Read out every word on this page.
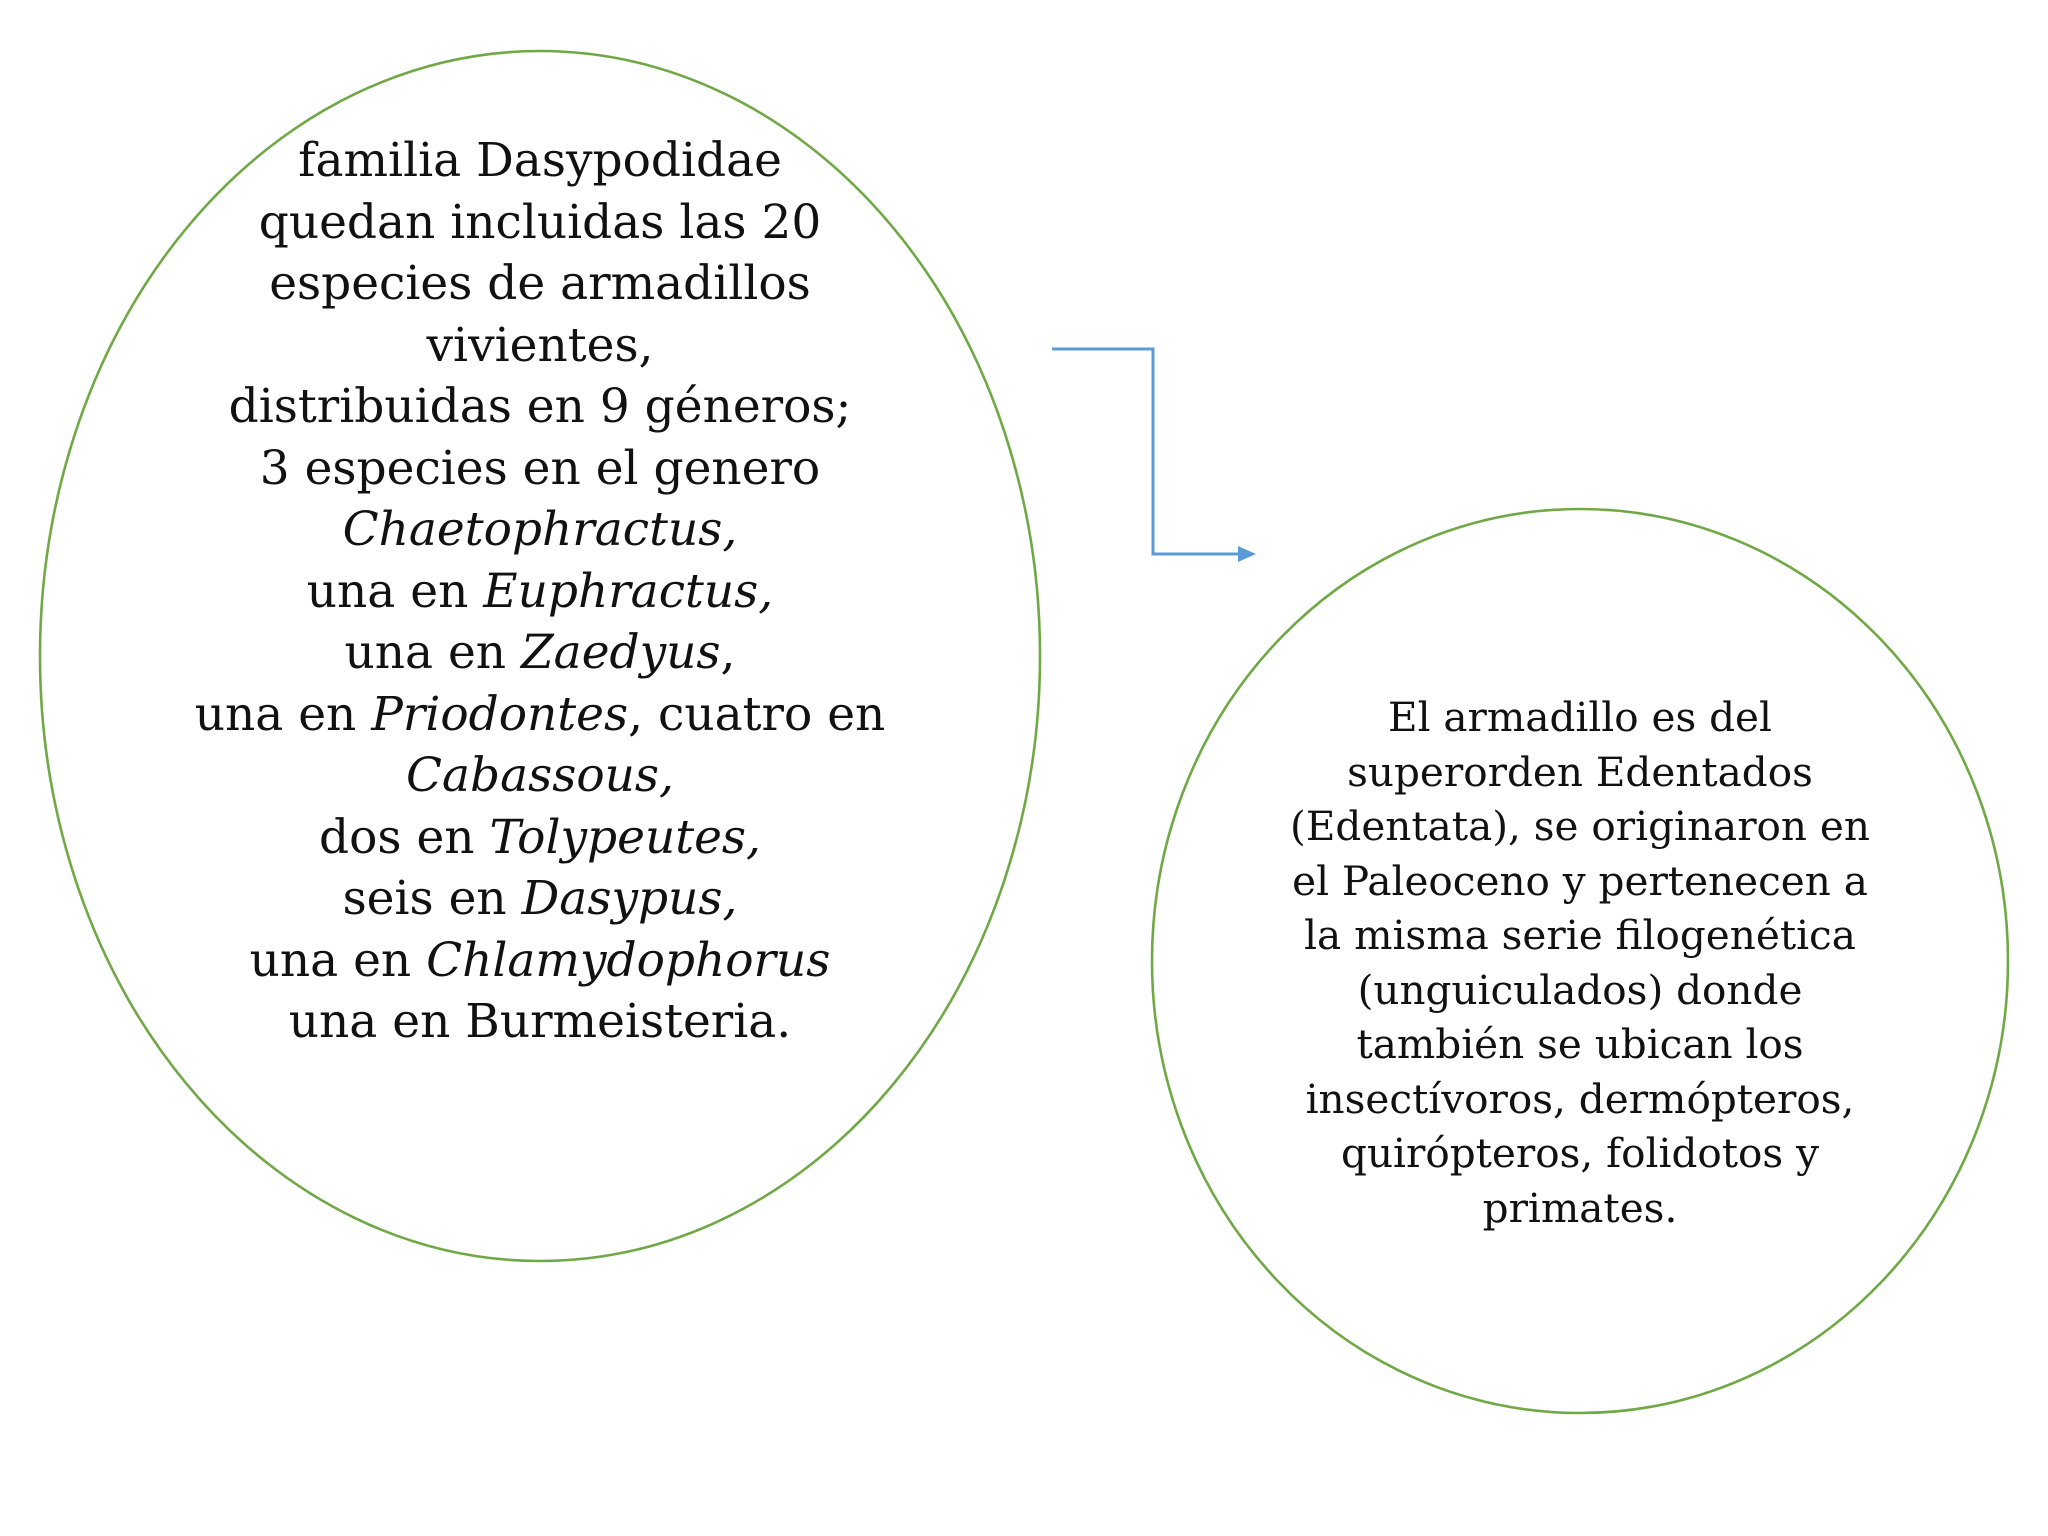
familia Dasypodidae
quedan incluidas las 20
especies de armadillos
vivientes,
distribuidas en 9 géneros;
3 especies en el genero
Chaetophractus,
una en Euphractus,
una en Zaedyus,
una en Priodontes, cuatro en
Cabassous,
dos en Tolypeutes,
seis en Dasypus,
una en Chlamydophorus
una en Burmeisteria.
El armadillo es del
superorden Edentados
(Edentata), se originaron en
el Paleoceno y pertenecen a
la misma serie filogenética
(unguiculados) donde
también se ubican los
insectívoros, dermópteros,
quirópteros, folidotos y
primates.
